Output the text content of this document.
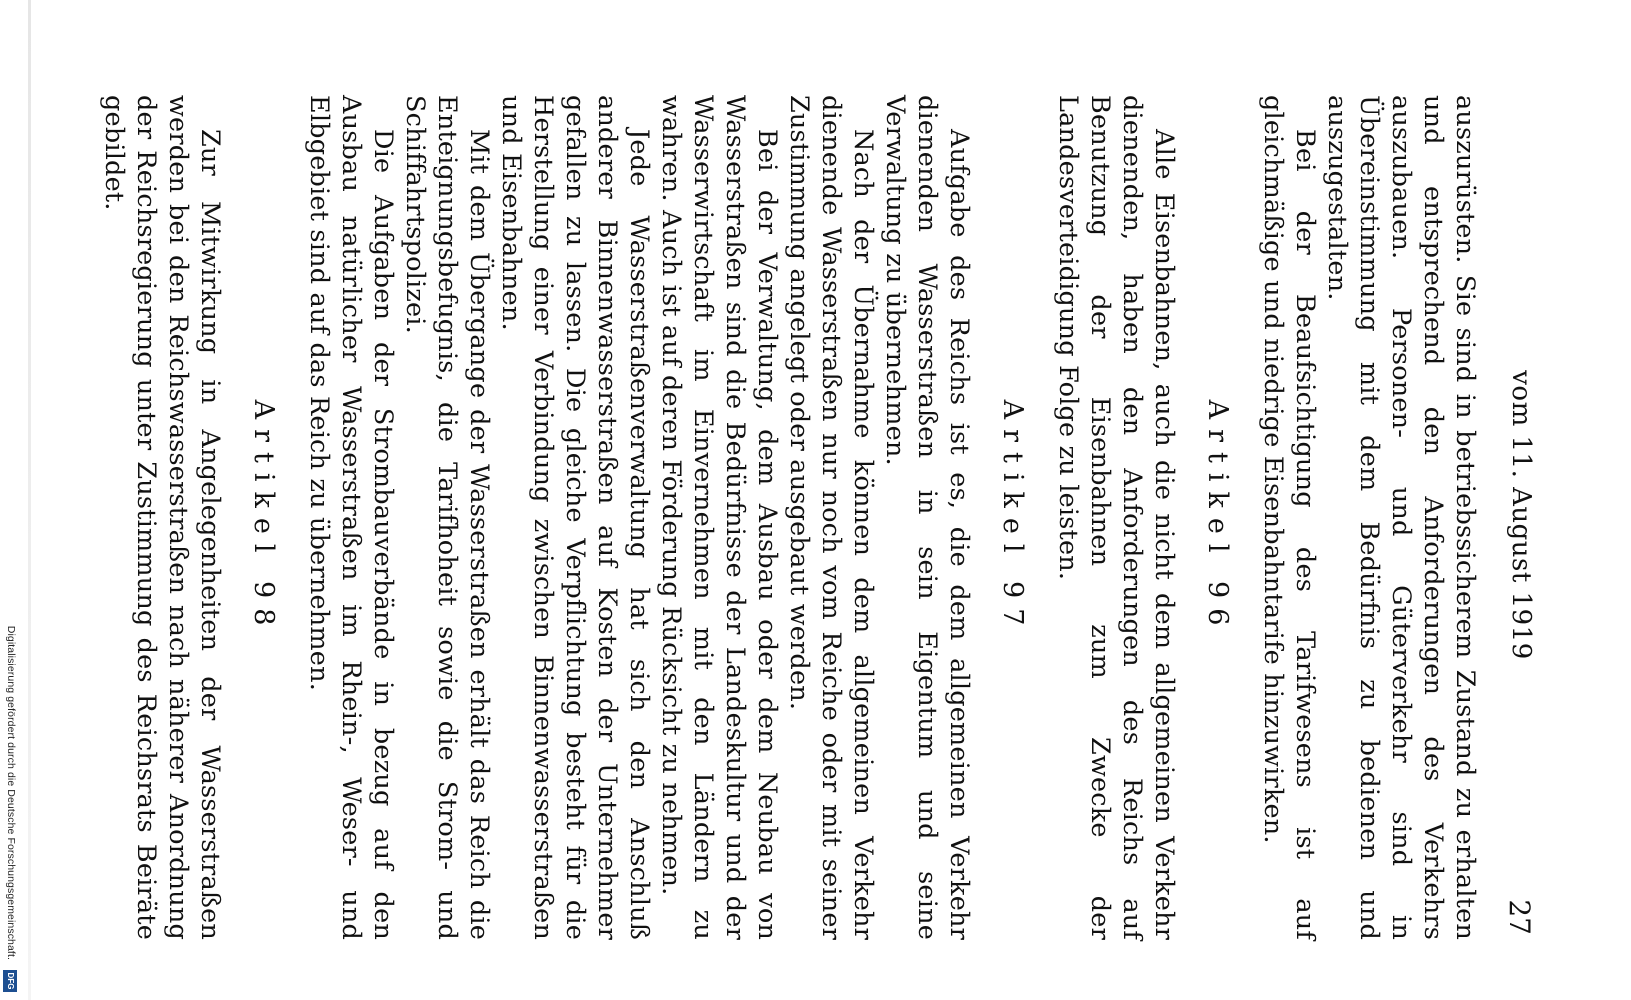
vom 11. August 1919
27

auszurüsten. Sie sind in betriebssicherem Zustand zu erhalten und entsprechend den Anforderungen des Verkehrs auszubauen. Personen- und Güterverkehr sind in Übereinstimmung mit dem Bedürfnis zu bedienen und auszugestalten.

Bei der Beaufsichtigung des Tarifwesens ist auf gleichmäßige und niedrige Eisenbahntarife hinzuwirken.

Artikel 96

Alle Eisenbahnen, auch die nicht dem allgemeinen Verkehr dienenden, haben den Anforderungen des Reichs auf Benutzung der Eisenbahnen zum Zwecke der Landesverteidigung Folge zu leisten.

Artikel 97

Aufgabe des Reichs ist es, die dem allgemeinen Verkehr dienenden Wasserstraßen in sein Eigentum und seine Verwaltung zu übernehmen.

Nach der Übernahme können dem allgemeinen Verkehr dienende Wasserstraßen nur noch vom Reiche oder mit seiner Zustimmung angelegt oder ausgebaut werden.

Bei der Verwaltung, dem Ausbau oder dem Neubau von Wasserstraßen sind die Bedürfnisse der Landeskultur und der Wasserwirtschaft im Einvernehmen mit den Ländern zu wahren. Auch ist auf deren Förderung Rücksicht zu nehmen.

Jede Wasserstraßenverwaltung hat sich den Anschluß anderer Binnenwasserstraßen auf Kosten der Unternehmer gefallen zu lassen. Die gleiche Verpflichtung besteht für die Herstellung einer Verbindung zwischen Binnenwasserstraßen und Eisenbahnen.

Mit dem Übergange der Wasserstraßen erhält das Reich die Enteignungsbefugnis, die Tarifhoheit sowie die Strom- und Schiffahrtspolizei.

Die Aufgaben der Strombauverbände in bezug auf den Ausbau natürlicher Wasserstraßen im Rhein-, Weser- und Elbgebiet sind auf das Reich zu übernehmen.

Artikel 98

Zur Mitwirkung in Angelegenheiten der Wasserstraßen werden bei den Reichswasserstraßen nach näherer Anordnung der Reichsregierung unter Zustimmung des Reichsrats Beiräte gebildet.

Digitalisierung gefördert durch die Deutsche Forschungsgemeinschaft.
DFG
